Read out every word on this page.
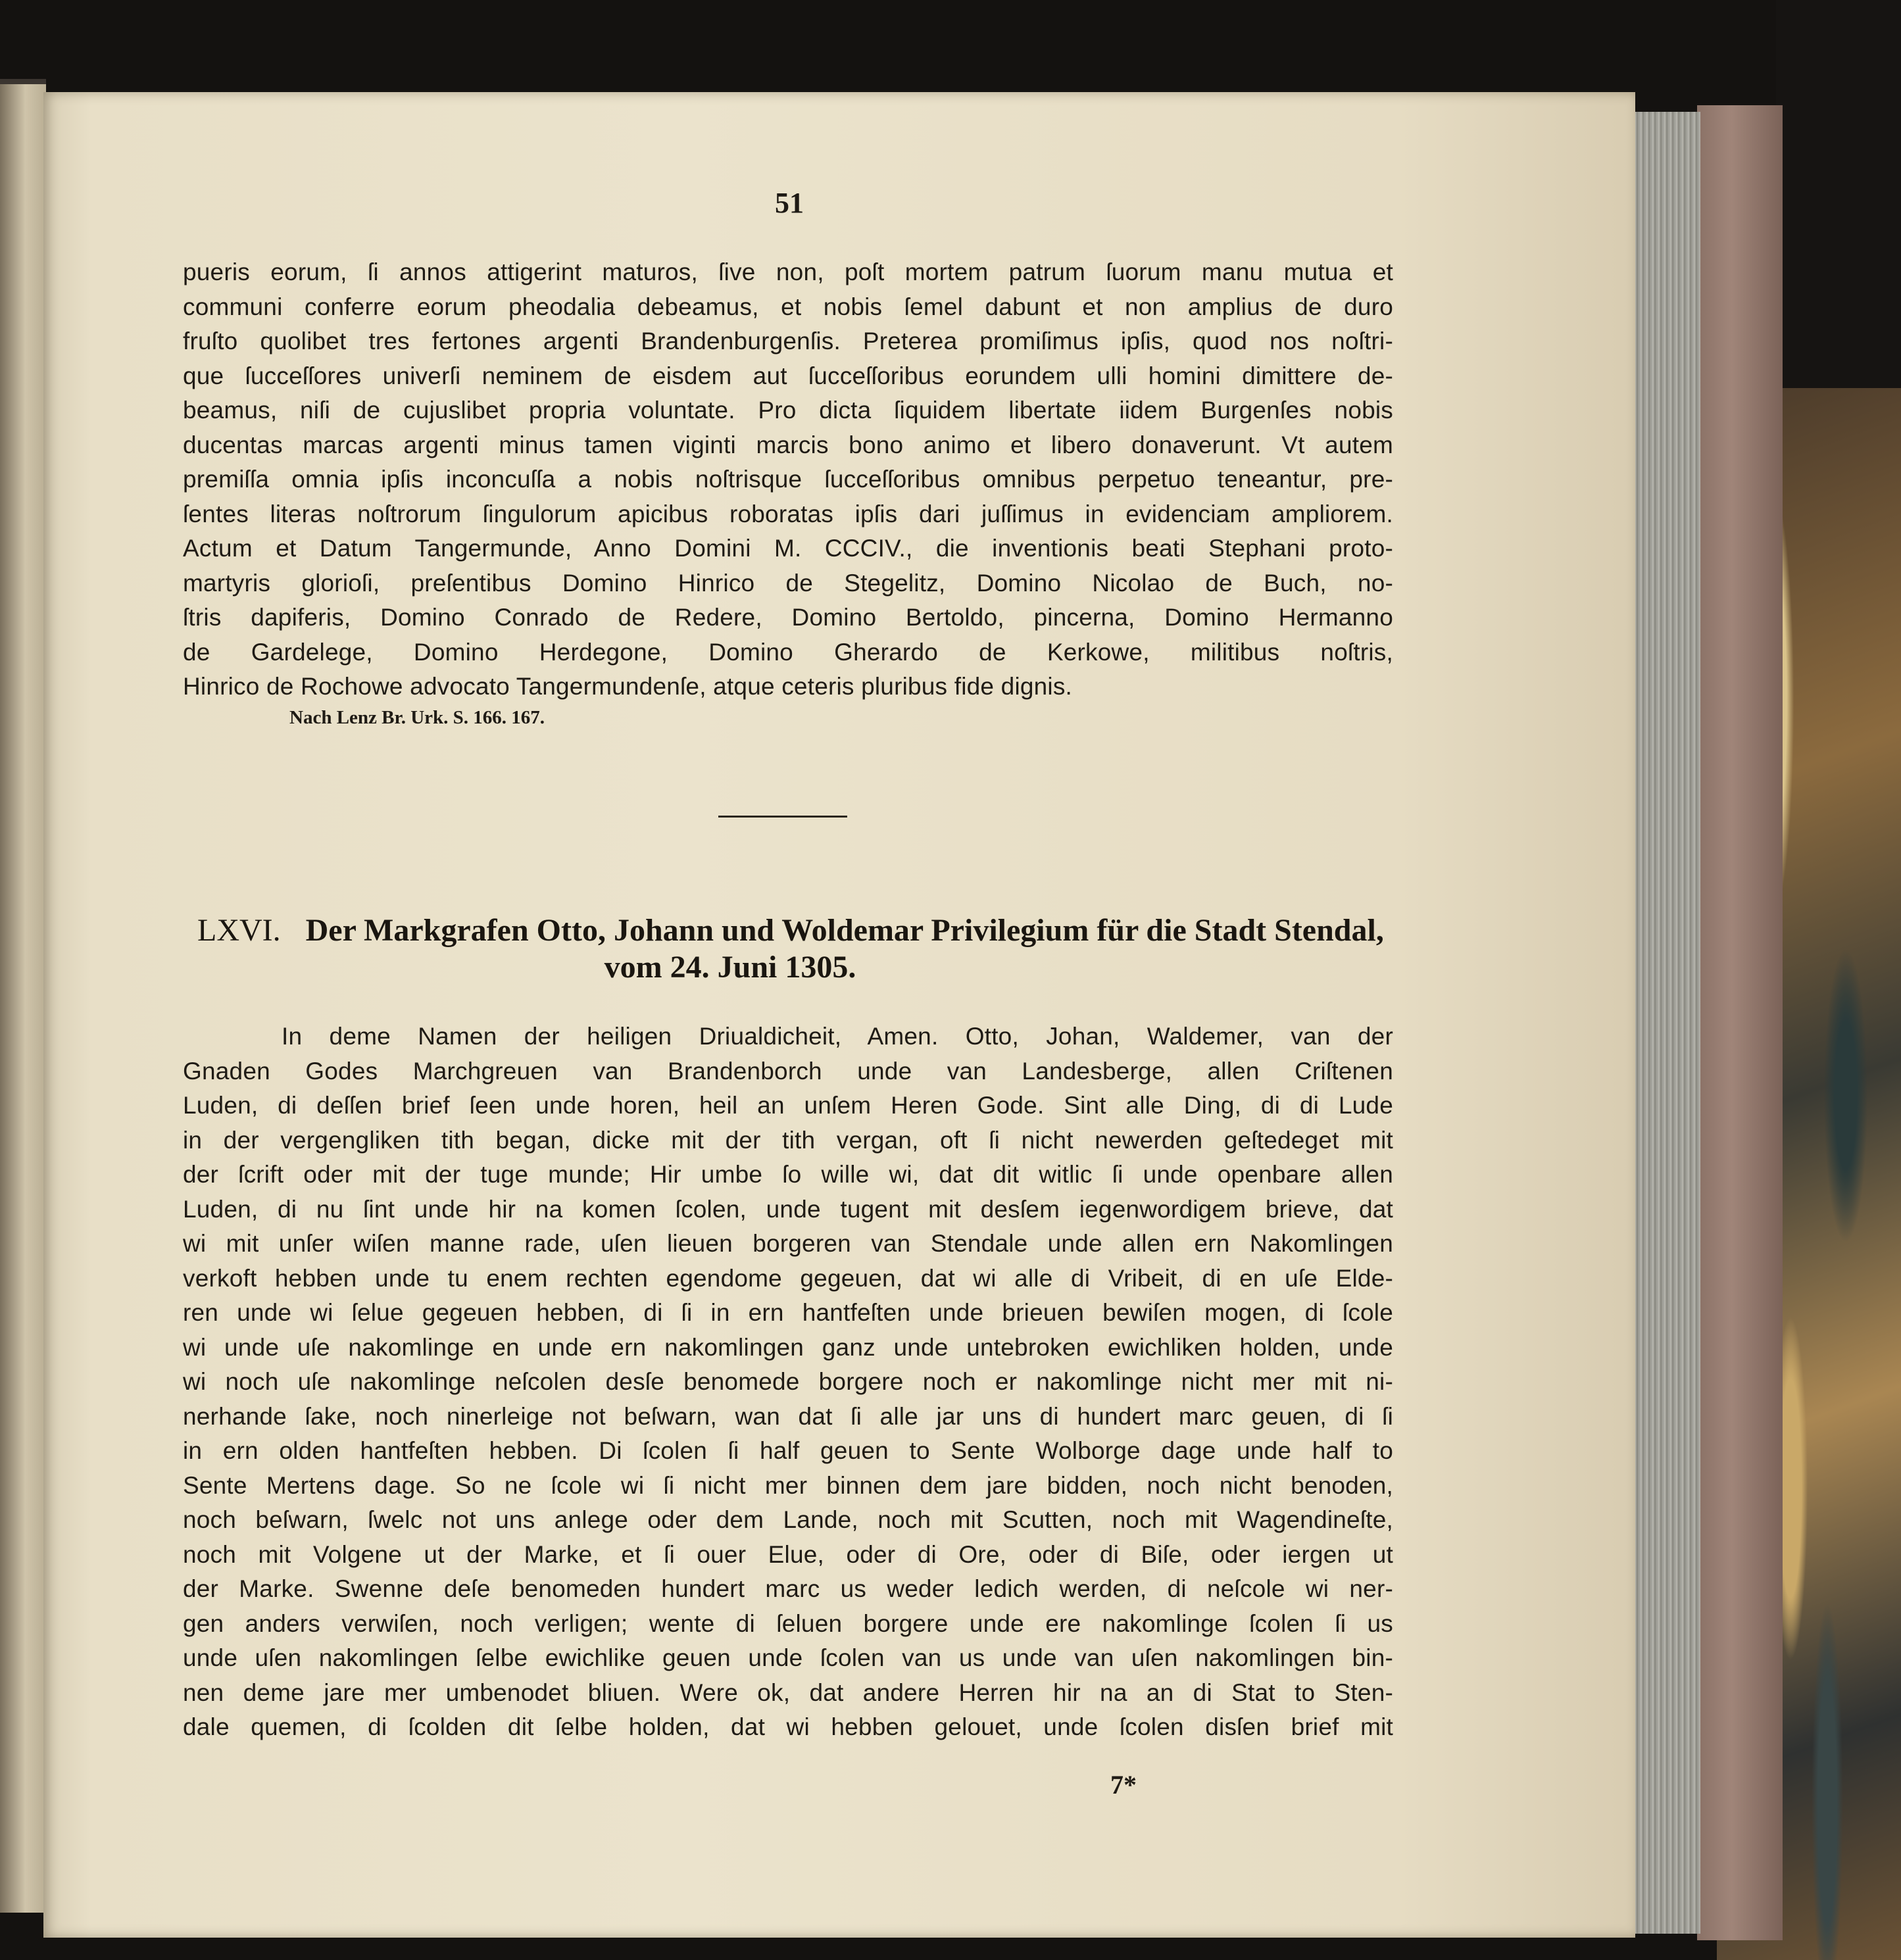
51
pueris eorum, ſi annos attigerint maturos, ſive non, poſt mortem patrum ſuorum manu mutua et
communi conferre eorum pheodalia debeamus, et nobis ſemel dabunt et non amplius de duro
fruſto quolibet tres fertones argenti Brandenburgenſis. Preterea promiſimus ipſis, quod nos noſtri-
que ſucceſſores univerſi neminem de eisdem aut ſucceſſoribus eorundem ulli homini dimittere de-
beamus, niſi de cujuslibet propria voluntate. Pro dicta ſiquidem libertate iidem Burgenſes nobis
ducentas marcas argenti minus tamen viginti marcis bono animo et libero donaverunt. Vt autem
premiſſa omnia ipſis inconcuſſa a nobis noſtrisque ſucceſſoribus omnibus perpetuo teneantur, pre-
ſentes literas noſtrorum ſingulorum apicibus roboratas ipſis dari juſſimus in evidenciam ampliorem.
Actum et Datum Tangermunde, Anno Domini M. CCCIV., die inventionis beati Stephani proto-
martyris glorioſi, preſentibus Domino Hinrico de Stegelitz, Domino Nicolao de Buch, no-
ſtris dapiferis, Domino Conrado de Redere, Domino Bertoldo, pincerna, Domino Hermanno
de Gardelege, Domino Herdegone, Domino Gherardo de Kerkowe, militibus noſtris,
Hinrico de Rochowe advocato Tangermundenſe, atque ceteris pluribus fide dignis.
Nach Lenz Br. Urk. S. 166. 167.
LXVI. Der Markgrafen Otto, Johann und Woldemar Privilegium für die Stadt Stendal,
vom 24. Juni 1305.
In deme Namen der heiligen Driualdicheit, Amen. Otto, Johan, Waldemer, van der
Gnaden Godes Marchgreuen van Brandenborch unde van Landesberge, allen Criſtenen
Luden, di deſſen brief ſeen unde horen, heil an unſem Heren Gode. Sint alle Ding, di di Lude
in der vergengliken tith began, dicke mit der tith vergan, oft ſi nicht newerden geſtedeget mit
der ſcrift oder mit der tuge munde; Hir umbe ſo wille wi, dat dit witlic ſi unde openbare allen
Luden, di nu ſint unde hir na komen ſcolen, unde tugent mit desſem iegenwordigem brieve, dat
wi mit unſer wiſen manne rade, uſen lieuen borgeren van Stendale unde allen ern Nakomlingen
verkoft hebben unde tu enem rechten egendome gegeuen, dat wi alle di Vribeit, di en uſe Elde-
ren unde wi ſelue gegeuen hebben, di ſi in ern hantfeſten unde brieuen bewiſen mogen, di ſcole
wi unde uſe nakomlinge en unde ern nakomlingen ganz unde untebroken ewichliken holden, unde
wi noch uſe nakomlinge neſcolen desſe benomede borgere noch er nakomlinge nicht mer mit ni-
nerhande ſake, noch ninerleige not beſwarn, wan dat ſi alle jar uns di hundert marc geuen, di ſi
in ern olden hantfeſten hebben. Di ſcolen ſi half geuen to Sente Wolborge dage unde half to
Sente Mertens dage. So ne ſcole wi ſi nicht mer binnen dem jare bidden, noch nicht benoden,
noch beſwarn, ſwelc not uns anlege oder dem Lande, noch mit Scutten, noch mit Wagendineſte,
noch mit Volgene ut der Marke, et ſi ouer Elue, oder di Ore, oder di Biſe, oder iergen ut
der Marke. Swenne deſe benomeden hundert marc us weder ledich werden, di neſcole wi ner-
gen anders verwiſen, noch verligen; wente di ſeluen borgere unde ere nakomlinge ſcolen ſi us
unde uſen nakomlingen ſelbe ewichlike geuen unde ſcolen van us unde van uſen nakomlingen bin-
nen deme jare mer umbenodet bliuen. Were ok, dat andere Herren hir na an di Stat to Sten-
dale quemen, di ſcolden dit ſelbe holden, dat wi hebben gelouet, unde ſcolen disſen brief mit
7*
